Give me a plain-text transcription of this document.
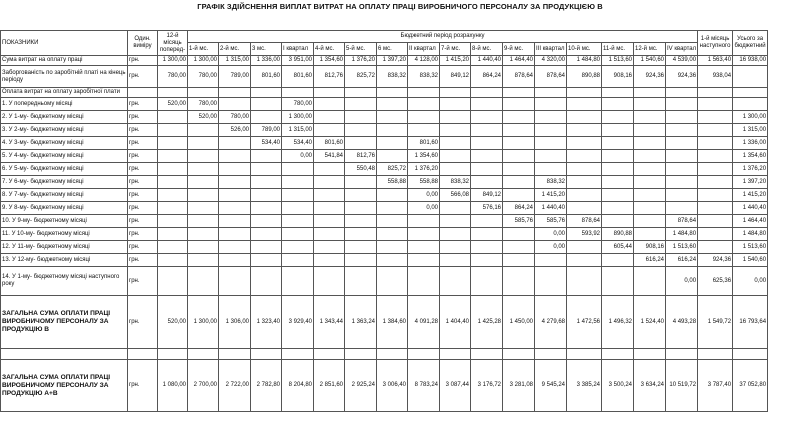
ГРАФІК ЗДІЙСНЕННЯ ВИПЛАТ ВИТРАТ НА ОПЛАТУ ПРАЦІ ВИРОБНИЧОГО ПЕРСОНАЛУ ЗА ПРОДУКЦІЄЮ В
ПОКАЗНИКИ	Один. виміру	12-й місяць поперед-	Бюджетний період розрахунку																1-й місяць наступного	Усього за бюджетний	
			1-й мс.	2-й мс.	3 мс.	І квартал	4-й мс.	5-й мс.	6 мс.	ІІ квартал	7-й мс.	8-й мс.	9-й мс.	ІІІ квартал	10-й мс.	11-й мс.	12-й мс.	ІV квартал			
Сума витрат на оплату праці	грн.	1 300,00	1 300,00	1 315,00	1 336,00	3 951,00	1 354,60	1 376,20	1 397,20	4 128,00	1 415,20	1 440,40	1 464,40	4 320,00	1 484,80	1 513,60	1 540,60	4 539,00	1 563,40	16 938,00	
Заборгованість по заробітній платі на кінець періоду	грн.	780,00	780,00	789,00	801,60	801,60	812,76	825,72	838,32	838,32	849,12	864,24	878,64	878,64	890,88	908,16	924,36	924,36	938,04		
Оплата витрат на оплату заробітної плати																					
1. У попередньому місяці	грн.	520,00	780,00			780,00															
2. У 1-му- бюджетному місяці	грн.		520,00	780,00		1 300,00														1 300,00	
3. У 2-му- бюджетному місяці	грн.			526,00	789,00	1 315,00														1 315,00	
4. У 3-му- бюджетному місяці	грн.				534,40	534,40	801,60			801,60										1 336,00	
5. У 4-му- бюджетному місяці	грн.					0,00	541,84	812,76		1 354,60										1 354,60	
6. У 5-му- бюджетному місяці	грн.							550,48	825,72	1 376,20										1 376,20	
7. У 6-му- бюджетному місяці	грн.								558,88	558,88	838,32			838,32						1 397,20	
8. У 7-му- бюджетному місяці	грн.									0,00	566,08	849,12		1 415,20						1 415,20	
9. У 8-му- бюджетному місяці	грн.									0,00		576,16	864,24	1 440,40						1 440,40	
10. У 9-му- бюджетному місяці	грн.												585,76	585,76	878,64			878,64		1 464,40	
11. У 10-му- бюджетному місяці	грн.													0,00	593,92	890,88		1 484,80		1 484,80	
12. У 11-му- бюджетному місяці	грн.													0,00		605,44	908,16	1 513,60		1 513,60	
13. У 12-му- бюджетному місяці	грн.																616,24	616,24	924,36	1 540,60	
14. У 1-му- бюджетному місяці наступного року	грн.																	0,00	625,36	0,00	
ЗАГАЛЬНА СУМА ОПЛАТИ ПРАЦІ ВИРОБНИЧОМУ ПЕРСОНАЛУ ЗА ПРОДУКЦІЮ В	грн.	520,00	1 300,00	1 306,00	1 323,40	3 929,40	1 343,44	1 363,24	1 384,60	4 091,28	1 404,40	1 425,28	1 450,00	4 279,68	1 472,56	1 496,32	1 524,40	4 493,28	1 549,72	16 793,64	

ЗАГАЛЬНА СУМА ОПЛАТИ ПРАЦІ ВИРОБНИЧОМУ ПЕРСОНАЛУ ЗА ПРОДУКЦІЮ А+В	грн.	1 080,00	2 700,00	2 722,00	2 782,80	8 204,80	2 851,60	2 925,24	3 006,40	8 783,24	3 087,44	3 176,72	3 281,08	9 545,24	3 385,24	3 500,24	3 634,24	10 519,72	3 787,40	37 052,80	
